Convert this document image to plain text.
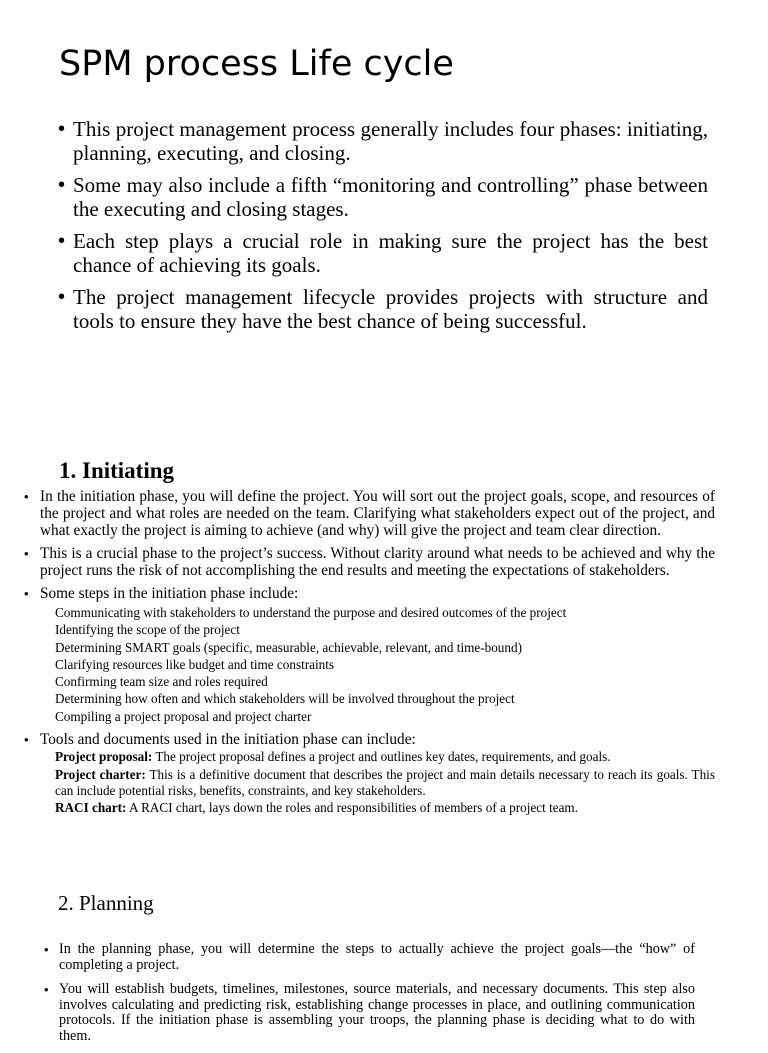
SPM process Life cycle
• This project management process generally includes four phases: initiating, planning, executing, and closing.
• Some may also include a fifth “monitoring and controlling” phase between the executing and closing stages.
• Each step plays a crucial role in making sure the project has the best chance of achieving its goals.
• The project management lifecycle provides projects with structure and tools to ensure they have the best chance of being successful.
1. Initiating
• In the initiation phase, you will define the project. You will sort out the project goals, scope, and resources of the project and what roles are needed on the team. Clarifying what stakeholders expect out of the project, and what exactly the project is aiming to achieve (and why) will give the project and team clear direction.
• This is a crucial phase to the project’s success. Without clarity around what needs to be achieved and why the project runs the risk of not accomplishing the end results and meeting the expectations of stakeholders.
• Some steps in the initiation phase include:
Communicating with stakeholders to understand the purpose and desired outcomes of the project
Identifying the scope of the project
Determining SMART goals (specific, measurable, achievable, relevant, and time-bound)
Clarifying resources like budget and time constraints
Confirming team size and roles required
Determining how often and which stakeholders will be involved throughout the project
Compiling a project proposal and project charter
• Tools and documents used in the initiation phase can include:
Project proposal: The project proposal defines a project and outlines key dates, requirements, and goals.
Project charter: This is a definitive document that describes the project and main details necessary to reach its goals. This can include potential risks, benefits, constraints, and key stakeholders.
RACI chart: A RACI chart, lays down the roles and responsibilities of members of a project team.
2. Planning
• In the planning phase, you will determine the steps to actually achieve the project goals—the “how” of completing a project.
• You will establish budgets, timelines, milestones, source materials, and necessary documents. This step also involves calculating and predicting risk, establishing change processes in place, and outlining communication protocols. If the initiation phase is assembling your troops, the planning phase is deciding what to do with them.
